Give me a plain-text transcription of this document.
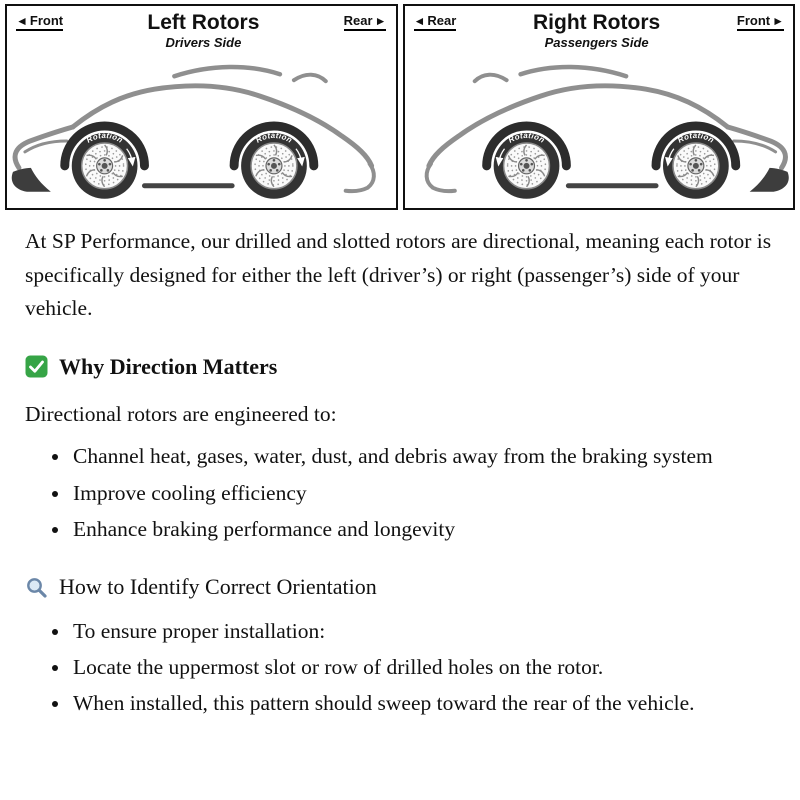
◄ Front	Left Rotors
Drivers Side
Rear ►
Rotation	Rotation
◄ Rear	Right Rotors
Passengers Side
Front ►
Rotation	Rotation

At SP Performance, our drilled and slotted rotors are directional, meaning each rotor is specifically designed for either the left (driver’s) or right (passenger’s) side of your vehicle.

Why Direction Matters

Directional rotors are engineered to:

• Channel heat, gases, water, dust, and debris away from the braking system
• Improve cooling efficiency
• Enhance braking performance and longevity
How to Identify Correct Orientation
• To ensure proper installation:
• Locate the uppermost slot or row of drilled holes on the rotor.
• When installed, this pattern should sweep toward the rear of the vehicle.
